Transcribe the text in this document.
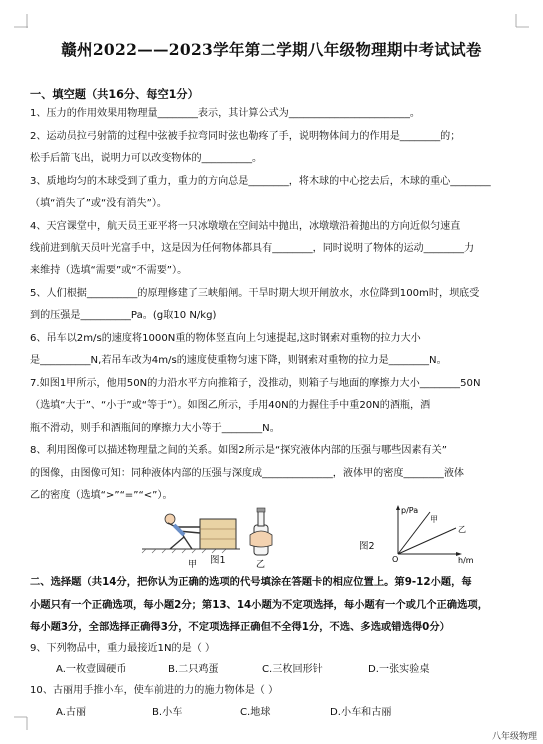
赣州2022——2023学年第二学期八年级物理期中考试试卷
一、填空题（共16分、每空1分）
1、压力的作用效果用物理量________表示，其计算公式为________________________。
2、运动员拉弓射箭的过程中弦被手拉弯同时弦也勒疼了手，说明物体间力的作用是________的；
松手后箭飞出，说明力可以改变物体的__________。
3、质地均匀的木球受到了重力，重力的方向总是________，将木球的中心挖去后，木球的重心________
（填“消失了”或“没有消失”）。
4、天宫课堂中，航天员王亚平将一只冰墩墩在空间站中抛出，冰墩墩沿着抛出的方向近似匀速直
线前进到航天员叶光富手中，这是因为任何物体都具有________，同时说明了物体的运动________力
来维持（选填“需要”或“不需要”）。
5、人们根据__________的原理修建了三峡船闸。干旱时期大坝开闸放水，水位降到100m时，坝底受
到的压强是__________Pa。(g取10 N/kg)
6、吊车以2m/s的速度将1000N重的物体竖直向上匀速提起,这时钢索对重物的拉力大小
是__________N,若吊车改为4m/s的速度使重物匀速下降，则钢索对重物的拉力是________N。
7.如图1甲所示，他用50N的力沿水平方向推箱子，没推动，则箱子与地面的摩擦力大小________50N
（选填“大于”、“小于”或“等于”）。如图乙所示，手用40N的力握住手中重20N的酒瓶，酒
瓶不滑动，则手和酒瓶间的摩擦力大小等于________N。
8、利用图像可以描述物理量之间的关系。如图2所示是“探究液体内部的压强与哪些因素有关”
的图像，由图像可知：同种液体内部的压强与深度成______________，液体甲的密度________液体
乙的密度（选填“>”“=”“<”）。
甲	乙
图1
图2
p/Pa
h/m
O
甲
乙
二、选择题（共14分，把你认为正确的选项的代号填涂在答题卡的相应位置上。第9-12小题，每
小题只有一个正确选项，每小题2分；第13、14小题为不定项选择，每小题有一个或几个正确选项，
每小题3分，全部选择正确得3分，不定项选择正确但不全得1分，不选、多选或错选得0分）
9、下列物品中，重力最接近1N的是（ ）
A.一枚壹圆硬币	B.二只鸡蛋	C.三枚回形针	D.一张实验桌
10、古丽用手推小车，使车前进的力的施力物体是（ ）
A.古丽	B.小车	C.地球	D.小车和古丽
八年级物理
